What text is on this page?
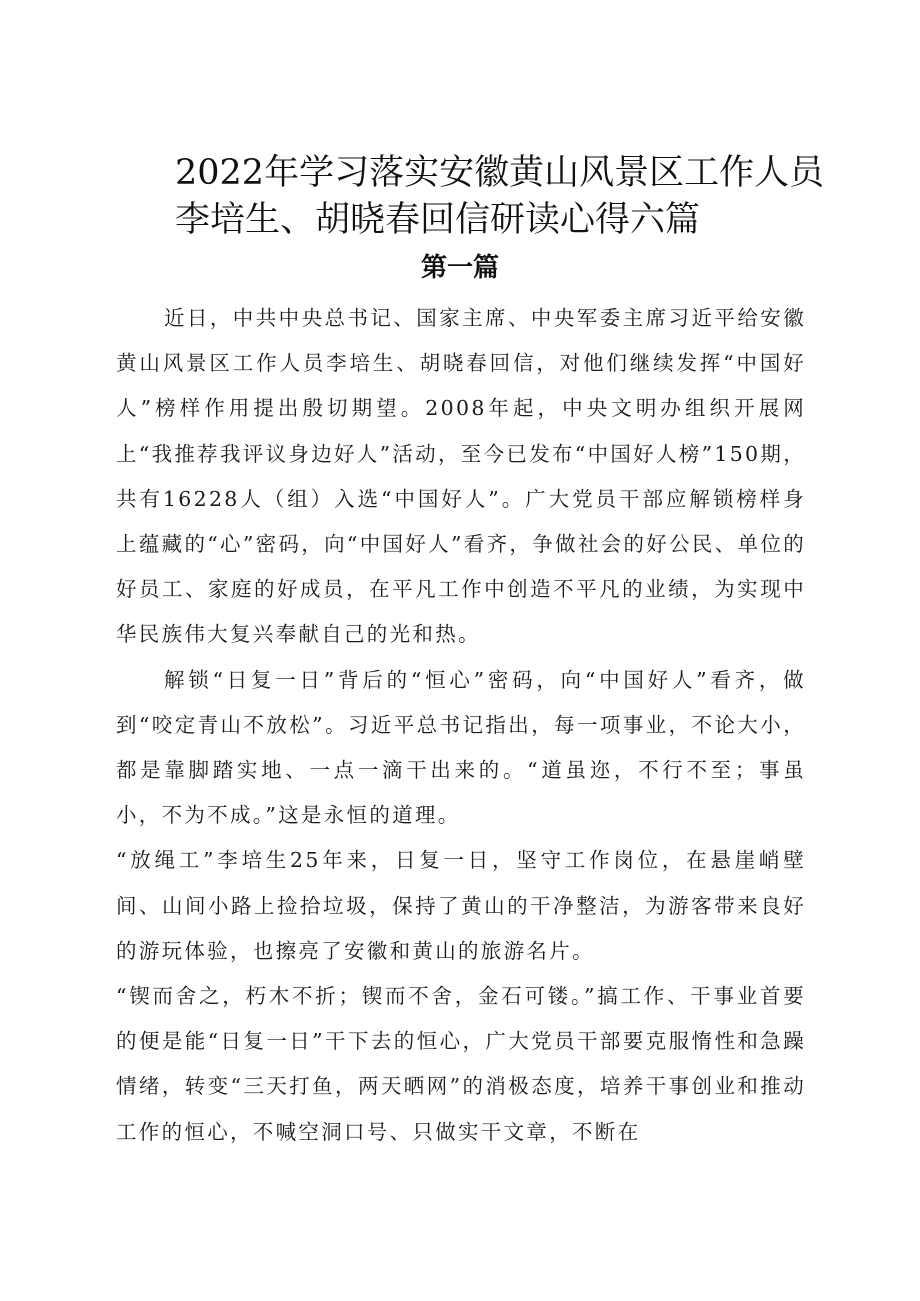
2022年学习落实安徽黄山风景区工作人员
李培生、胡晓春回信研读心得六篇
第一篇

近日，中共中央总书记、国家主席、中央军委主席习近平给安徽黄山风景区工作人员李培生、胡晓春回信，对他们继续发挥“中国好人”榜样作用提出殷切期望。2008年起，中央文明办组织开展网上“我推荐我评议身边好人”活动，至今已发布“中国好人榜”150期，共有16228人（组）入选“中国好人”。广大党员干部应解锁榜样身上蕴藏的“心”密码，向“中国好人”看齐，争做社会的好公民、单位的好员工、家庭的好成员，在平凡工作中创造不平凡的业绩，为实现中华民族伟大复兴奉献自己的光和热。

解锁“日复一日”背后的“恒心”密码，向“中国好人”看齐，做到“咬定青山不放松”。习近平总书记指出，每一项事业，不论大小，都是靠脚踏实地、一点一滴干出来的。“道虽迩，不行不至；事虽小，不为不成。”这是永恒的道理。

“放绳工”李培生25年来，日复一日，坚守工作岗位，在悬崖峭壁间、山间小路上捡拾垃圾，保持了黄山的干净整洁，为游客带来良好的游玩体验，也擦亮了安徽和黄山的旅游名片。

“锲而舍之，朽木不折；锲而不舍，金石可镂。”搞工作、干事业首要的便是能“日复一日”干下去的恒心，广大党员干部要克服惰性和急躁情绪，转变“三天打鱼，两天晒网”的消极态度，培养干事创业和推动工作的恒心，不喊空洞口号、只做实干文章，不断在
